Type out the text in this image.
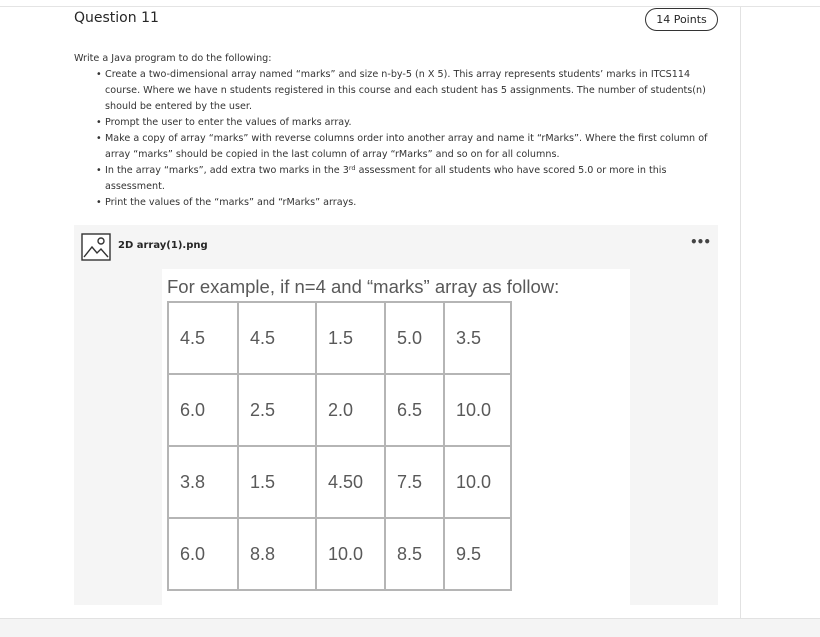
Question 11	14 Points
Write a Java program to do the following:
• Create a two-dimensional array named “marks” and size n-by-5 (n X 5). This array represents students’ marks in ITCS114 course. Where we have n students registered in this course and each student has 5 assignments. The number of students(n) should be entered by the user.
• Prompt the user to enter the values of marks array.
• Make a copy of array “marks” with reverse columns order into another array and name it “rMarks”. Where the first column of array “marks” should be copied in the last column of array “rMarks” and so on for all columns.
• In the array “marks”, add extra two marks in the 3rd assessment for all students who have scored 5.0 or more in this assessment.
• Print the values of the “marks” and “rMarks” arrays.
2D array(1).png	•••
For example, if n=4 and “marks” array as follow:
4.5	4.5	1.5	5.0	3.5
6.0	2.5	2.0	6.5	10.0
3.8	1.5	4.50	7.5	10.0
6.0	8.8	10.0	8.5	9.5
